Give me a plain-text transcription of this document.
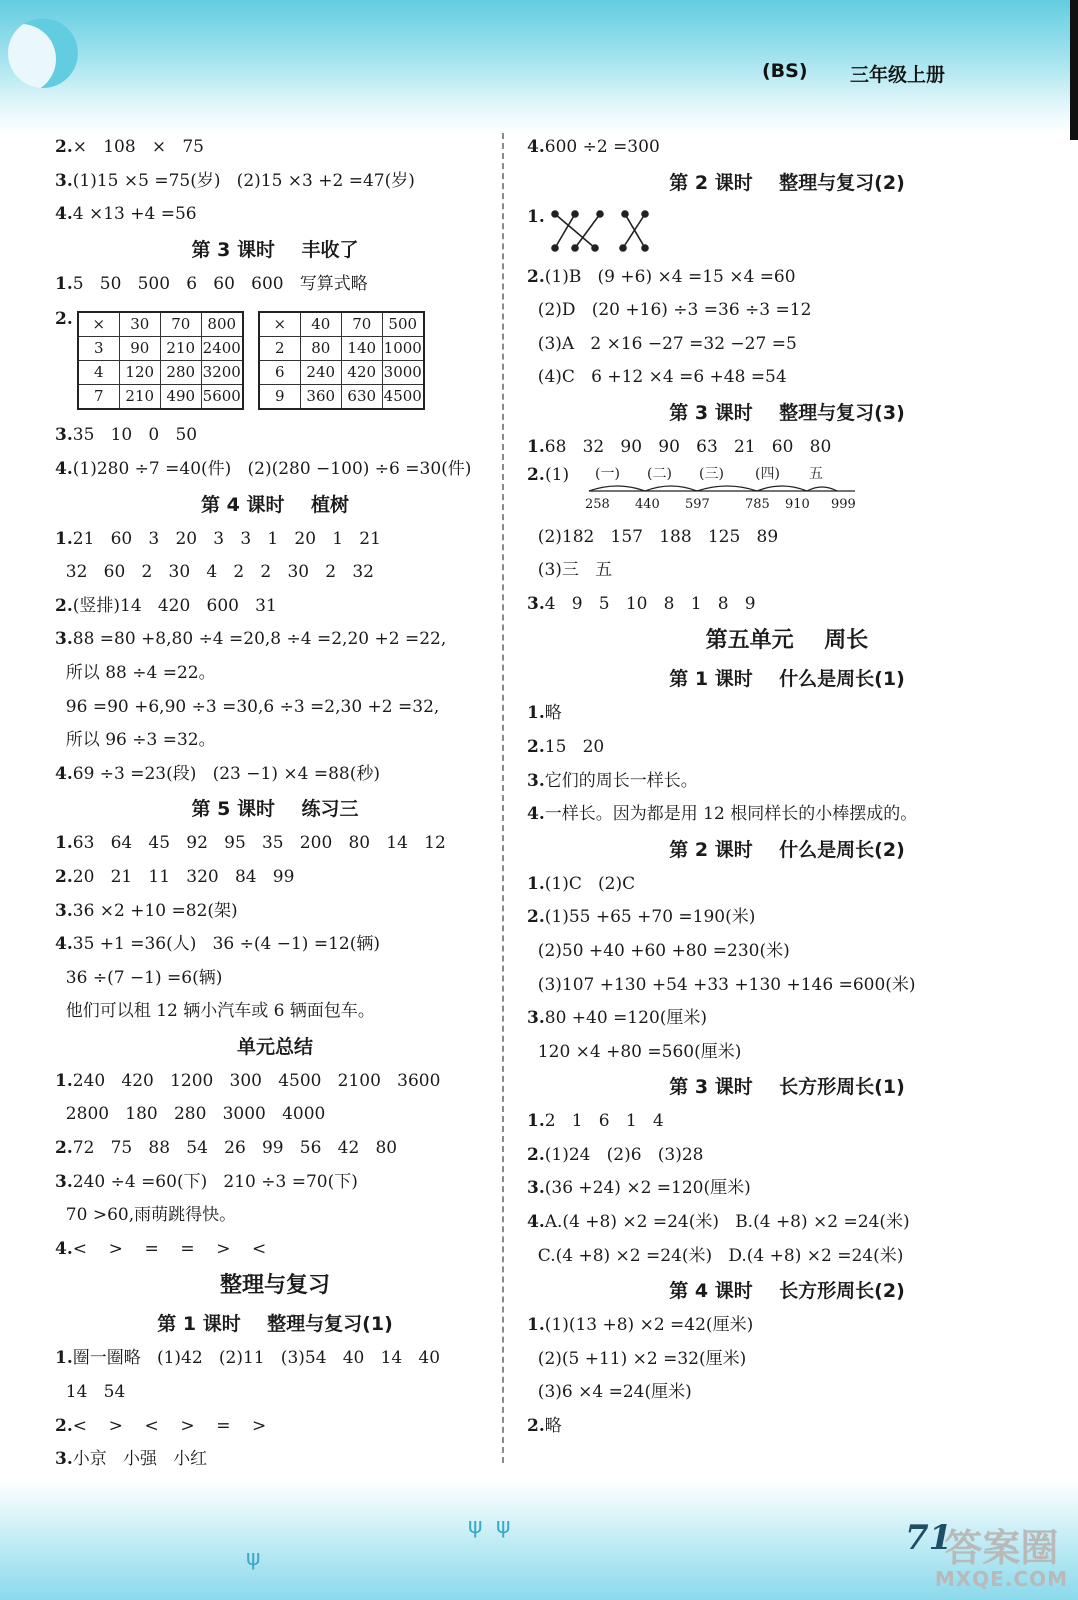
(BS) 三年级上册
2.×   108   ×   75
3.(1)15 ×5 =75(岁)   (2)15 ×3 +2 =47(岁)
4.4 ×13 +4 =56
第 3 课时    丰收了
1.5   50   500   6   60   600   写算式略
2. ×	30	70	800
3	90	210	2400
4	120	280	3200
7	210	490	5600
×	40	70	500
2	80	140	1000
6	240	420	3000
9	360	630	4500
3.35   10   0   50
4.(1)280 ÷7 =40(件)   (2)(280 −100) ÷6 =30(件)
第 4 课时    植树
1.21   60   3   20   3   3   1   20   1   21
32   60   2   30   4   2   2   30   2   32
2.(竖排)14   420   600   31
3.88 =80 +8,80 ÷4 =20,8 ÷4 =2,20 +2 =22,
所以 88 ÷4 =22。
96 =90 +6,90 ÷3 =30,6 ÷3 =2,30 +2 =32,
所以 96 ÷3 =32。
4.69 ÷3 =23(段)   (23 −1) ×4 =88(秒)
第 5 课时    练习三
1.63   64   45   92   95   35   200   80   14   12
2.20   21   11   320   84   99
3.36 ×2 +10 =82(架)
4.35 +1 =36(人)   36 ÷(4 −1) =12(辆)
36 ÷(7 −1) =6(辆)
他们可以租 12 辆小汽车或 6 辆面包车。
单元总结
1.240   420   1200   300   4500   2100   3600
2800   180   280   3000   4000
2.72   75   88   54   26   99   56   42   80
3.240 ÷4 =60(下)   210 ÷3 =70(下)
70 >60,雨萌跳得快。
4.<    >    =    =    >    <
整理与复习
第 1 课时    整理与复习(1)
1.圈一圈略   (1)42   (2)11   (3)54   40   14   40
14   54
2.<    >    <    >    =    >
3.小京   小强   小红
4.600 ÷2 =300
第 2 课时    整理与复习(2)
1.
2.(1)B   (9 +6) ×4 =15 ×4 =60
(2)D   (20 +16) ÷3 =36 ÷3 =12
(3)A   2 ×16 −27 =32 −27 =5
(4)C   6 +12 ×4 =6 +48 =54
第 3 课时    整理与复习(3)
1.68   32   90   90   63   21   60   80
2. (1) (一) (二) (三) (四) 五
258 440 597	785 910 999
(2)182   157   188   125   89
(3)三   五
3.4   9   5   10   8   1   8   9
第五单元    周长
第 1 课时    什么是周长(1)
1.略
2.15   20
3.它们的周长一样长。
4.一样长。因为都是用 12 根同样长的小棒摆成的。
第 2 课时    什么是周长(2)
1.(1)C   (2)C
2.(1)55 +65 +70 =190(米)
(2)50 +40 +60 +80 =230(米)
(3)107 +130 +54 +33 +130 +146 =600(米)
3.80 +40 =120(厘米)
120 ×4 +80 =560(厘米)
第 3 课时    长方形周长(1)
1.2   1   6   1   4
2.(1)24   (2)6   (3)28
3.(36 +24) ×2 =120(厘米)
4.A.(4 +8) ×2 =24(米)   B.(4 +8) ×2 =24(米)
C.(4 +8) ×2 =24(米)   D.(4 +8) ×2 =24(米)
第 4 课时    长方形周长(2)
1.(1)(13 +8) ×2 =42(厘米)
(2)(5 +11) ×2 =32(厘米)
(3)6 ×4 =24(厘米)
2.略
ψ ψ
ψ
71
答案圈
MXQE.COM
